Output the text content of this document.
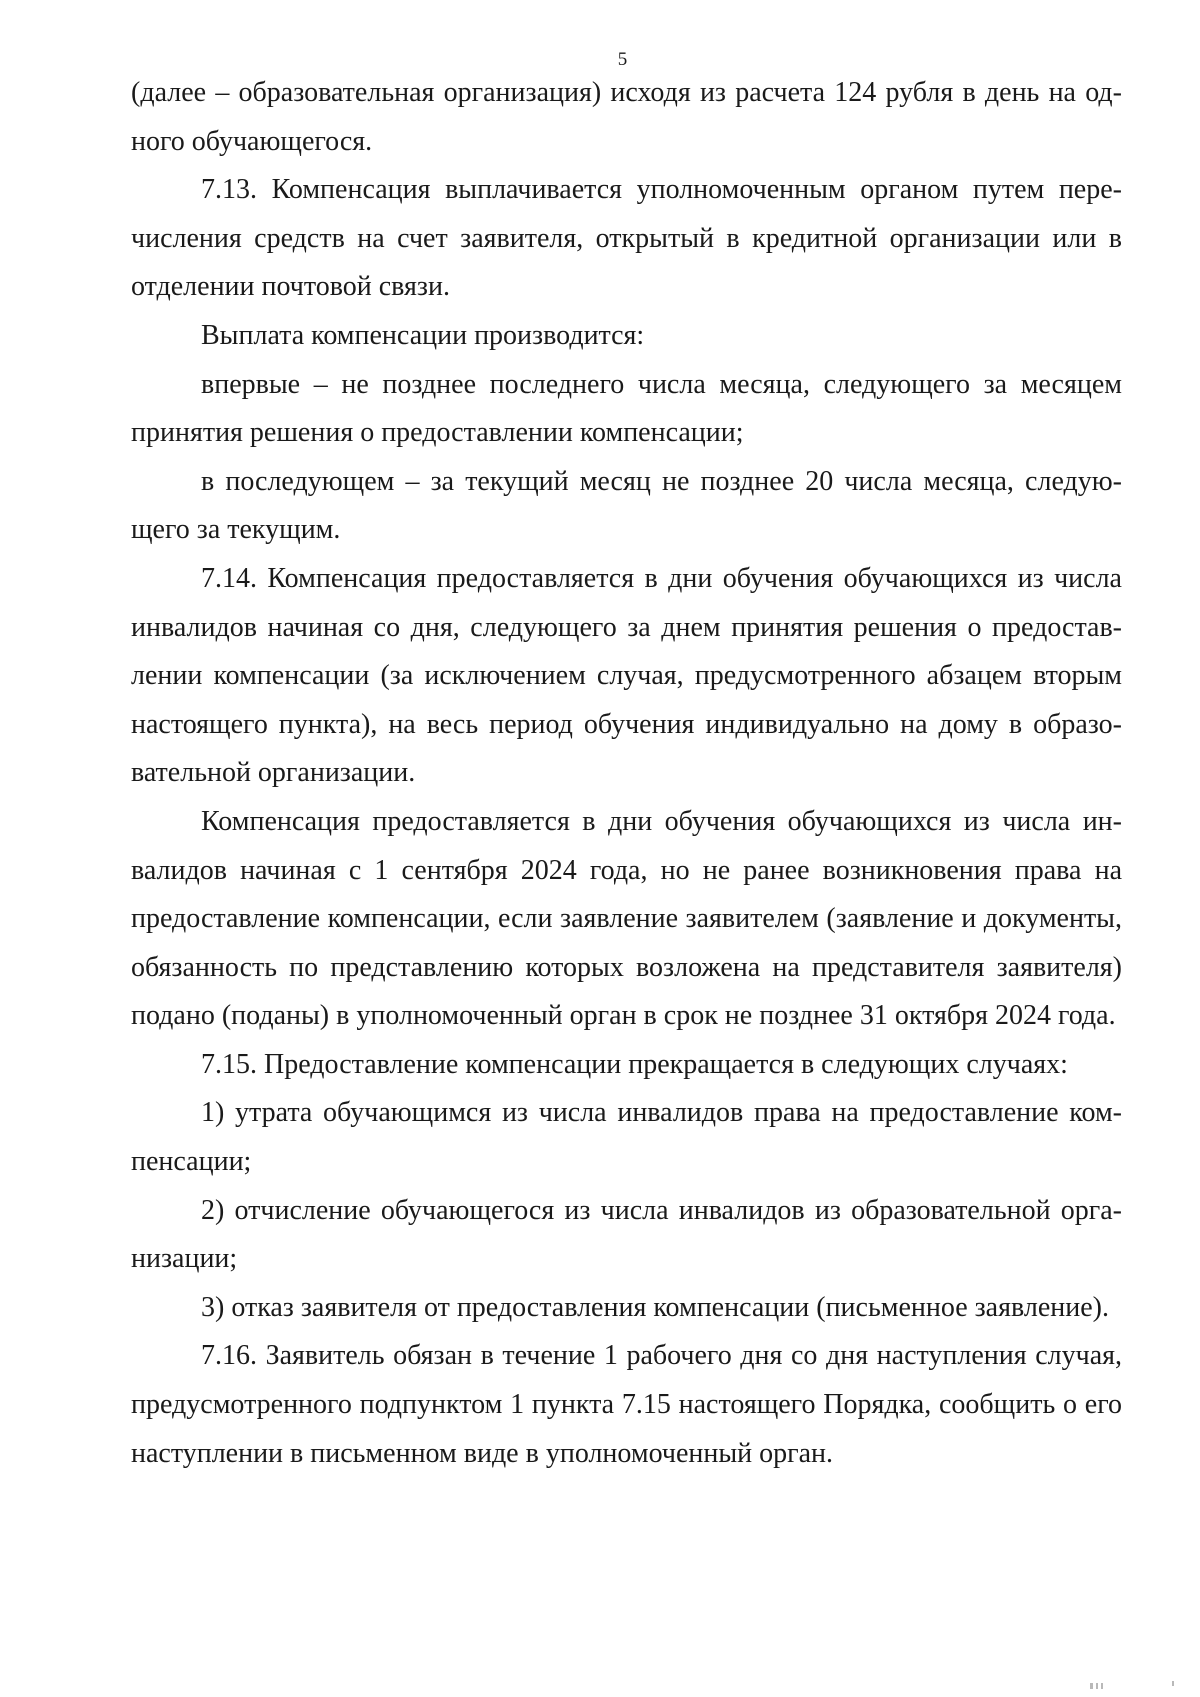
5

(далее – образовательная организация) исходя из расчета 124 рубля в день на одного обучающегося.

7.13. Компенсация выплачивается уполномоченным органом путем перечисления средств на счет заявителя, открытый в кредитной организации или в отделении почтовой связи.

Выплата компенсации производится:

впервые – не позднее последнего числа месяца, следующего за месяцем принятия решения о предоставлении компенсации;

в последующем – за текущий месяц не позднее 20 числа месяца, следующего за текущим.

7.14. Компенсация предоставляется в дни обучения обучающихся из числа инвалидов начиная со дня, следующего за днем принятия решения о предоставлении компенсации (за исключением случая, предусмотренного абзацем вторым настоящего пункта), на весь период обучения индивидуально на дому в образовательной организации.

Компенсация предоставляется в дни обучения обучающихся из числа инвалидов начиная с 1 сентября 2024 года, но не ранее возникновения права на предоставление компенсации, если заявление заявителем (заявление и документы, обязанность по представлению которых возложена на представителя заявителя) подано (поданы) в уполномоченный орган в срок не позднее 31 октября 2024 года.

7.15. Предоставление компенсации прекращается в следующих случаях:

1) утрата обучающимся из числа инвалидов права на предоставление компенсации;

2) отчисление обучающегося из числа инвалидов из образовательной организации;

3) отказ заявителя от предоставления компенсации (письменное заявление).

7.16. Заявитель обязан в течение 1 рабочего дня со дня наступления случая, предусмотренного подпунктом 1 пункта 7.15 настоящего Порядка, сообщить о его наступлении в письменном виде в уполномоченный орган.
